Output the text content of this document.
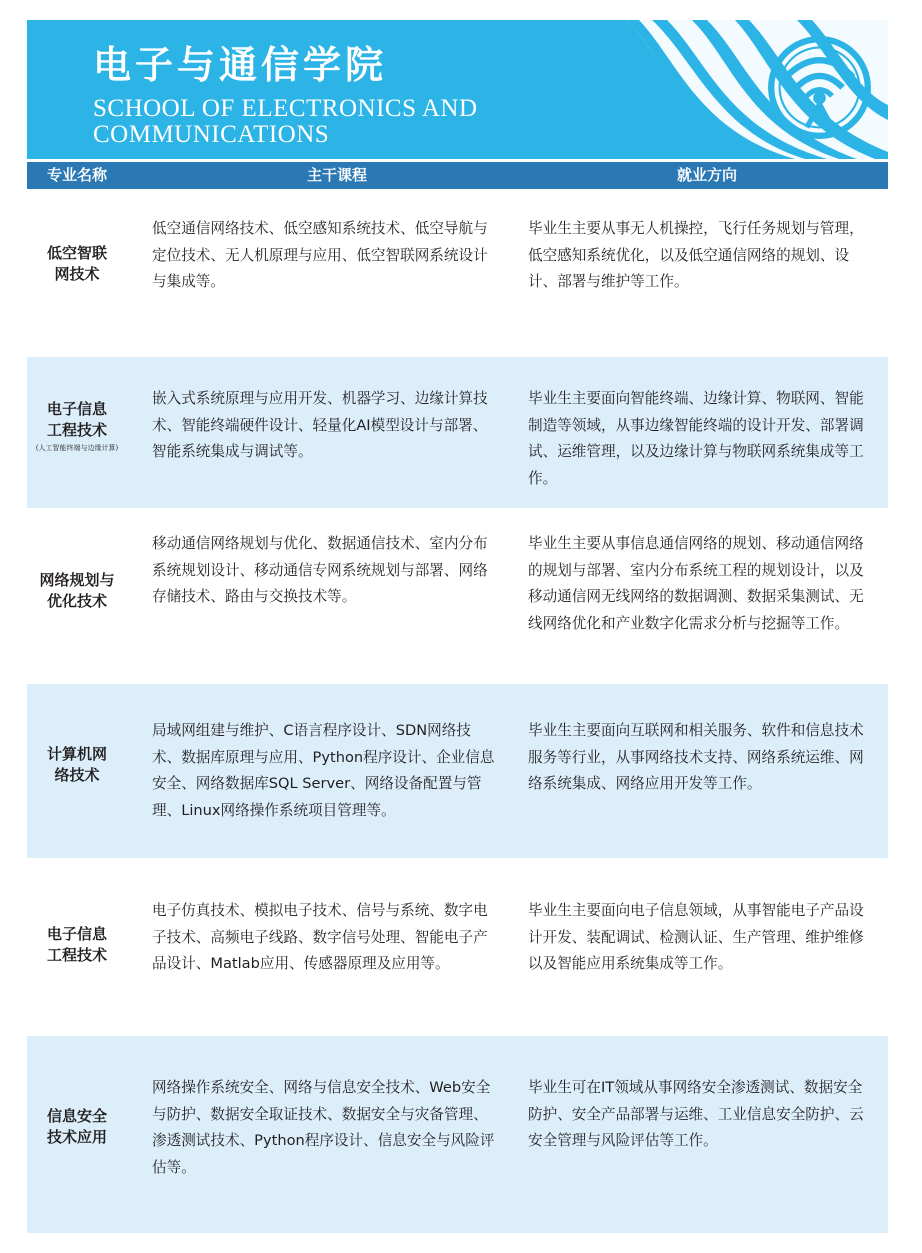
电子与通信学院
SCHOOL OF ELECTRONICS AND COMMUNICATIONS
专业名称	主干课程	就业方向
低空智联网技术
低空通信网络技术、低空感知系统技术、低空导航与定位技术、无人机原理与应用、低空智联网系统设计与集成等。
毕业生主要从事无人机操控，飞行任务规划与管理，低空感知系统优化，以及低空通信网络的规划、设计、部署与维护等工作。
电子信息工程技术
(人工智能终端与边缘计算)
嵌入式系统原理与应用开发、机器学习、边缘计算技术、智能终端硬件设计、轻量化AI模型设计与部署、智能系统集成与调试等。
毕业生主要面向智能终端、边缘计算、物联网、智能制造等领域，从事边缘智能终端的设计开发、部署调试、运维管理，以及边缘计算与物联网系统集成等工作。
网络规划与优化技术
移动通信网络规划与优化、数据通信技术、室内分布系统规划设计、移动通信专网系统规划与部署、网络存储技术、路由与交换技术等。
毕业生主要从事信息通信网络的规划、移动通信网络的规划与部署、室内分布系统工程的规划设计，以及移动通信网无线网络的数据调测、数据采集测试、无线网络优化和产业数字化需求分析与挖掘等工作。
计算机网络技术
局域网组建与维护、C语言程序设计、SDN网络技术、数据库原理与应用、Python程序设计、企业信息安全、网络数据库SQL Server、网络设备配置与管理、Linux网络操作系统项目管理等。
毕业生主要面向互联网和相关服务、软件和信息技术服务等行业，从事网络技术支持、网络系统运维、网络系统集成、网络应用开发等工作。
电子信息工程技术
电子仿真技术、模拟电子技术、信号与系统、数字电子技术、高频电子线路、数字信号处理、智能电子产品设计、Matlab应用、传感器原理及应用等。
毕业生主要面向电子信息领域，从事智能电子产品设计开发、装配调试、检测认证、生产管理、维护维修以及智能应用系统集成等工作。
信息安全技术应用
网络操作系统安全、网络与信息安全技术、Web安全与防护、数据安全取证技术、数据安全与灾备管理、渗透测试技术、Python程序设计、信息安全与风险评估等。
毕业生可在IT领域从事网络安全渗透测试、数据安全防护、安全产品部署与运维、工业信息安全防护、云安全管理与风险评估等工作。
